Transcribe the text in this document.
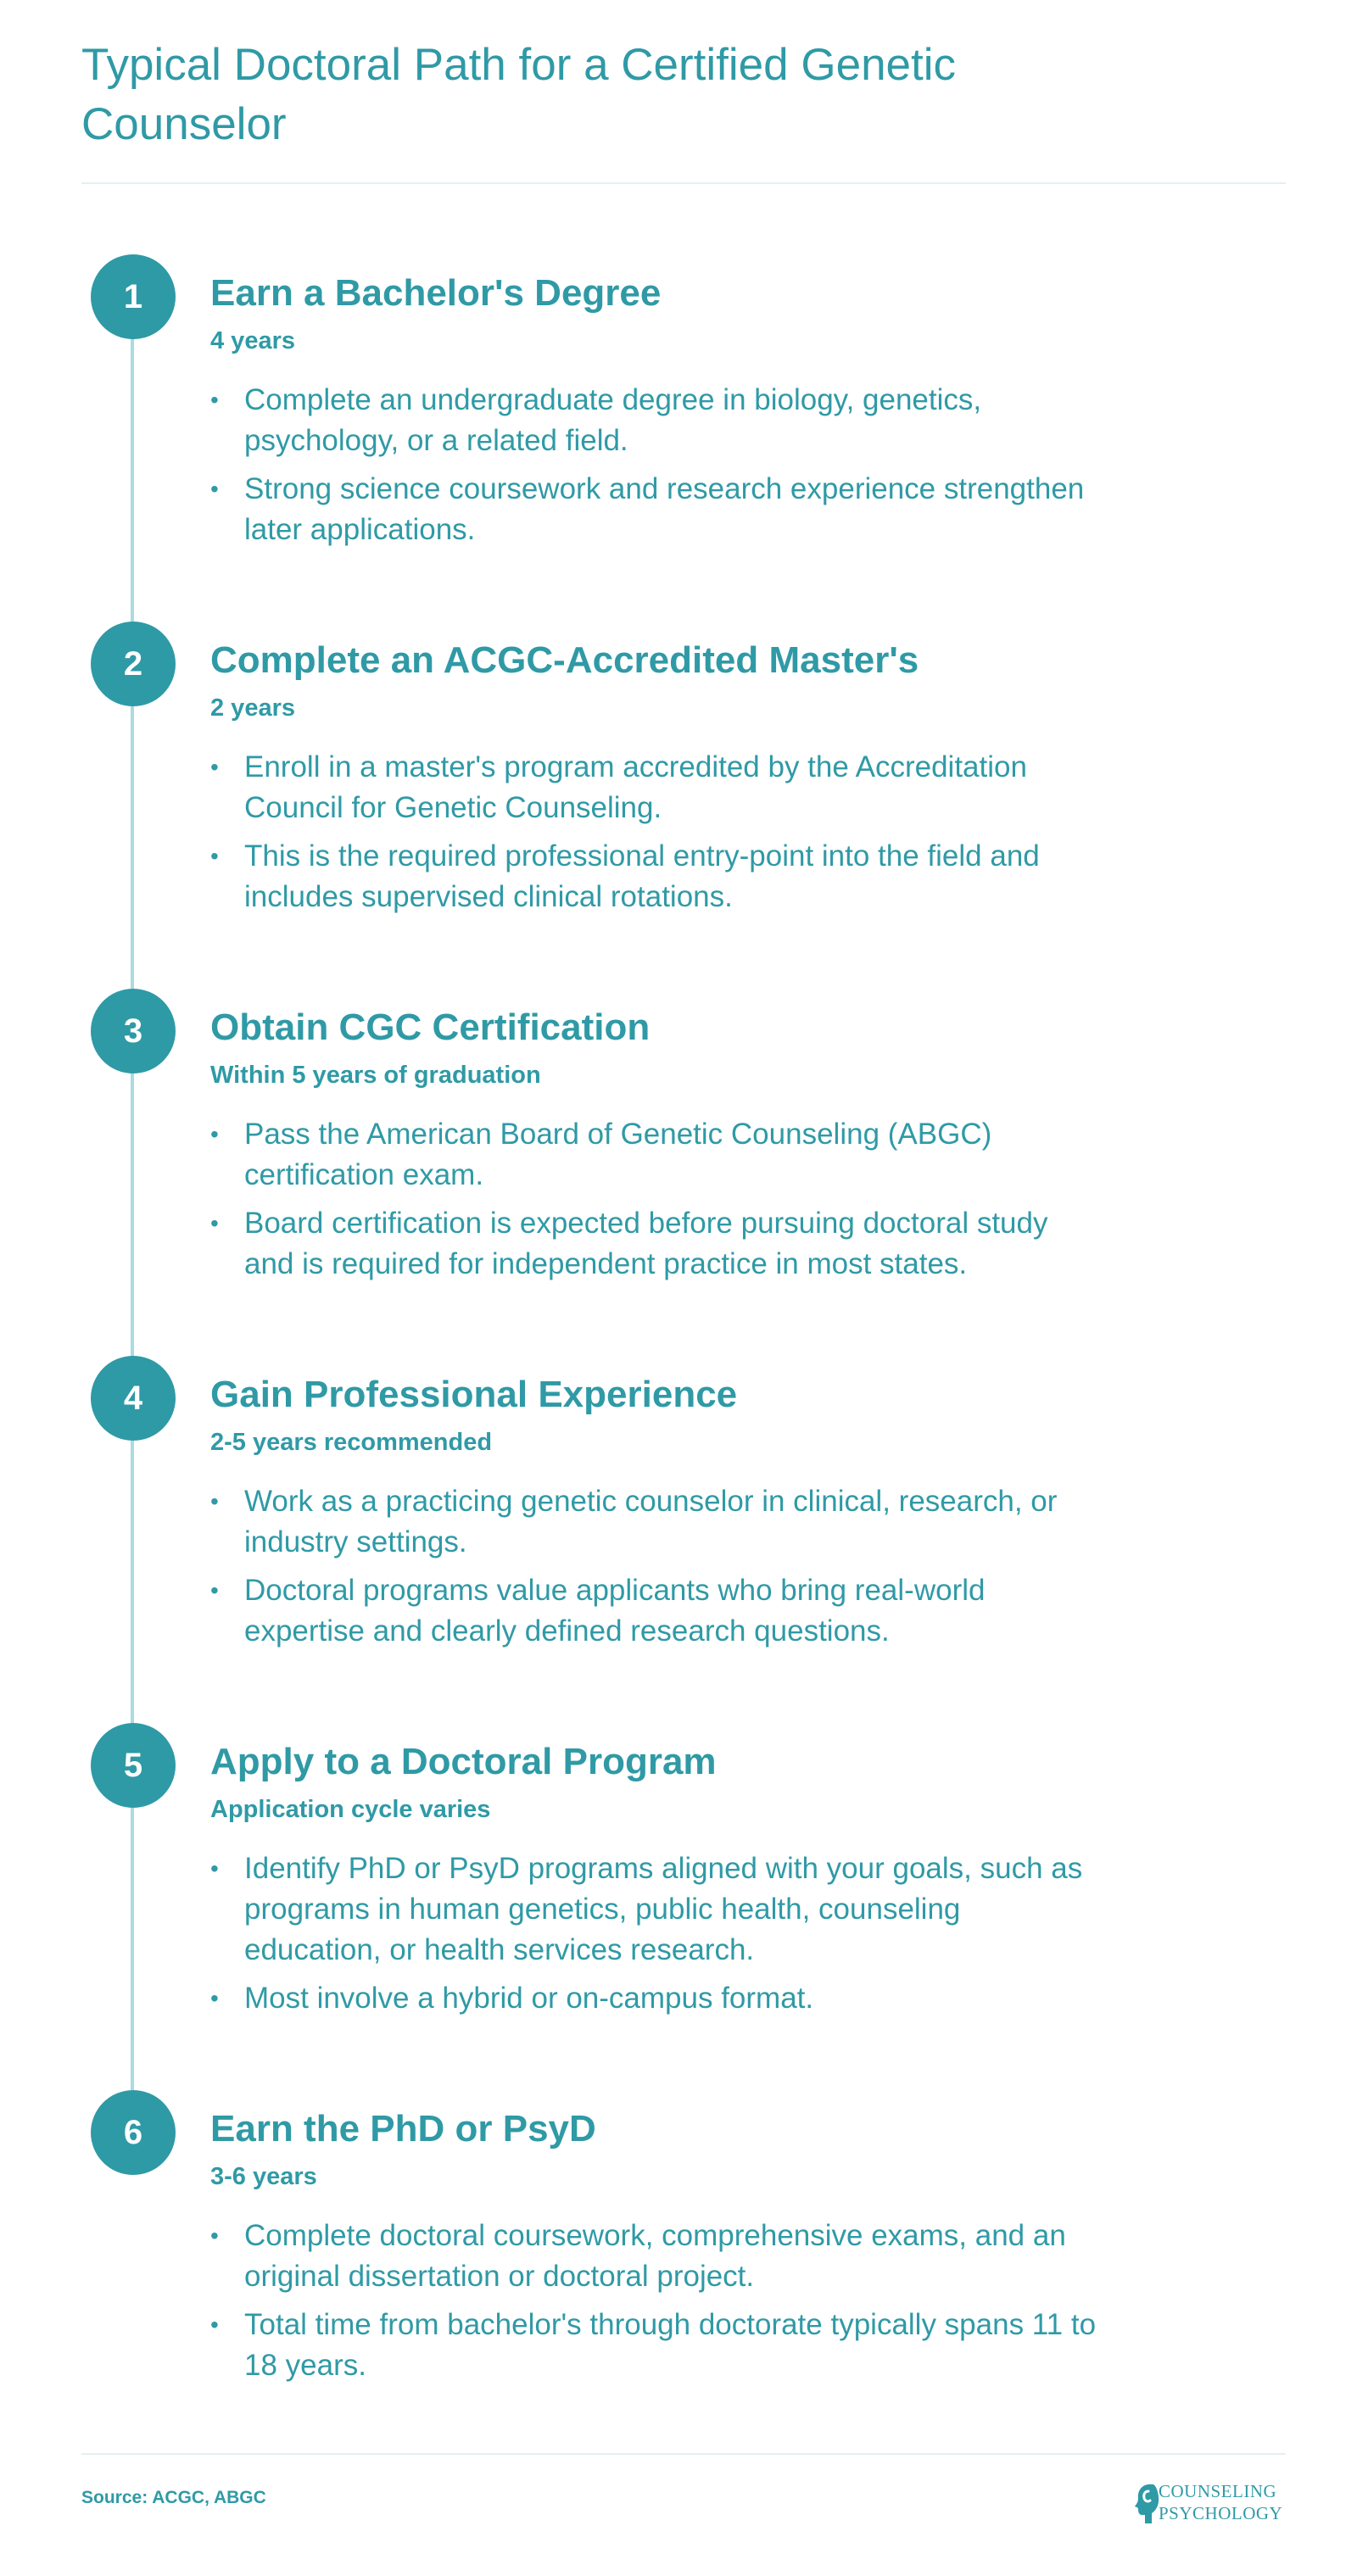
Typical Doctoral Path for a Certified Genetic Counselor
1	Earn a Bachelor's Degree
4 years
• Complete an undergraduate degree in biology, genetics, psychology, or a related field.
• Strong science coursework and research experience strengthen later applications.
2	Complete an ACGC-Accredited Master's
2 years
• Enroll in a master's program accredited by the Accreditation Council for Genetic Counseling.
• This is the required professional entry-point into the field and includes supervised clinical rotations.
3	Obtain CGC Certification
Within 5 years of graduation
• Pass the American Board of Genetic Counseling (ABGC) certification exam.
• Board certification is expected before pursuing doctoral study and is required for independent practice in most states.
4	Gain Professional Experience
2-5 years recommended
• Work as a practicing genetic counselor in clinical, research, or industry settings.
• Doctoral programs value applicants who bring real-world expertise and clearly defined research questions.
5	Apply to a Doctoral Program
Application cycle varies
• Identify PhD or PsyD programs aligned with your goals, such as programs in human genetics, public health, counseling education, or health services research.
• Most involve a hybrid or on-campus format.
6	Earn the PhD or PsyD
3-6 years
• Complete doctoral coursework, comprehensive exams, and an original dissertation or doctoral project.
• Total time from bachelor's through doctorate typically spans 11 to 18 years.
Source: ACGC, ABGC	COUNSELING
PSYCHOLOGY
